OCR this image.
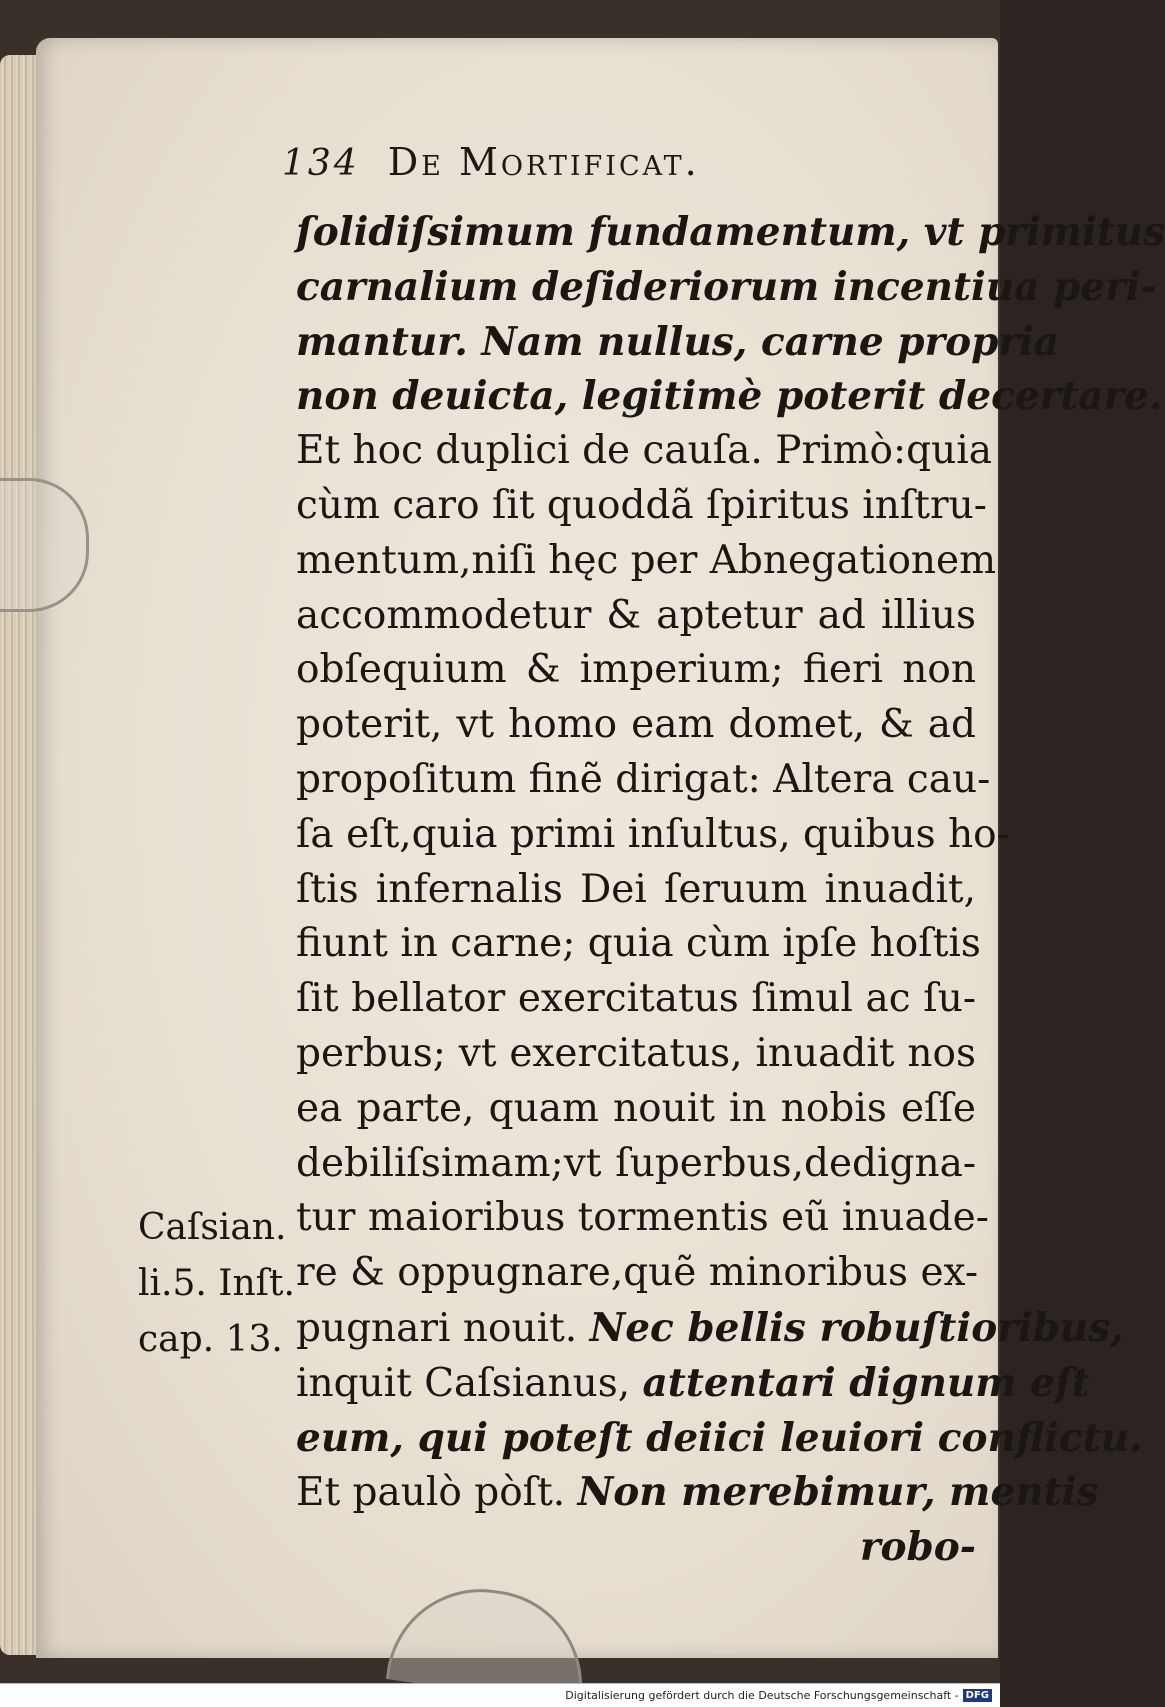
134 De Mortificat.
ſolidiſsimum fundamentum, vt primitus
carnalium deſideriorum incentiua peri-
mantur. Nam nullus, carne propria
non deuicta, legitimè poterit decertare.
Et hoc duplici de cauſa. Primò:quia
cùm caro ſit quoddã ſpiritus inſtru-
mentum,niſi hęc per Abnegationem
accommodetur & aptetur ad illius
obſequium & imperium; fieri non
poterit, vt homo eam domet, & ad
propoſitum finẽ dirigat: Altera cau-
ſa eſt,quia primi inſultus, quibus ho-
ſtis infernalis Dei ſeruum inuadit,
fiunt in carne; quia cùm ipſe hoſtis
ſit bellator exercitatus ſimul ac ſu-
perbus; vt exercitatus, inuadit nos
ea parte, quam nouit in nobis eſſe
debiliſsimam;vt ſuperbus,dedigna-
tur maioribus tormentis eũ inuade-
re & oppugnare,quẽ minoribus ex-
pugnari nouit. Nec bellis robuſtioribus,
inquit Caſsianus, attentari dignum eſt
eum, qui poteſt deiici leuiori conflictu.
Et paulò pòſt. Non merebimur, mentis
robo-
Caſsian.
li.5. Inſt.
cap. 13.
Digitalisierung gefördert durch die Deutsche Forschungsgemeinschaft - DFG
